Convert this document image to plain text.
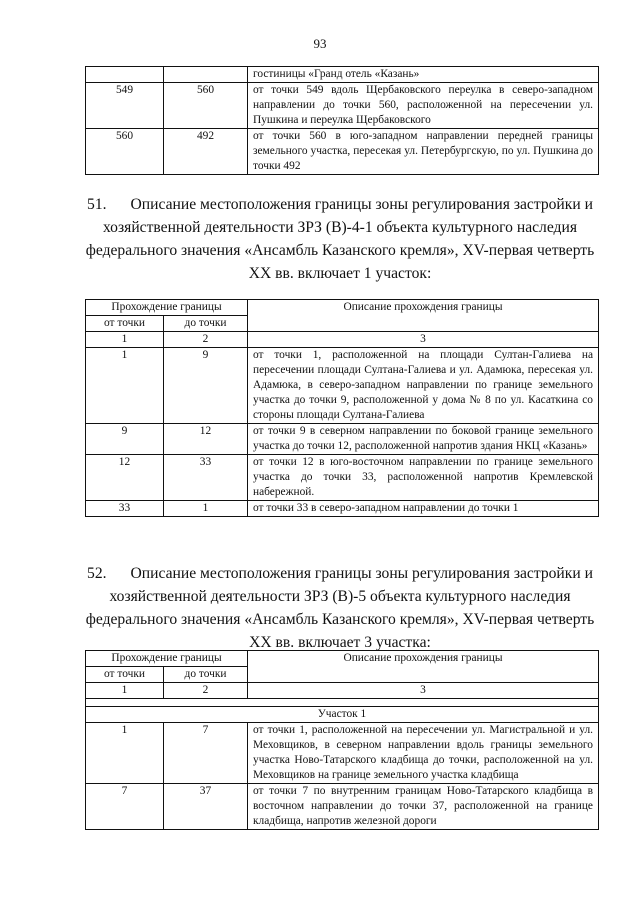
93
		гостиницы «Гранд отель «Казань»
549	560	от точки 549 вдоль Щербаковского переулка в северо-западном направлении до точки 560, расположенной на пересечении ул. Пушкина и переулка Щербаковского
560	492	от точки 560 в юго-западном направлении передней границы земельного участка, пересекая ул. Петербургскую, по ул. Пушкина до точки 492
51. Описание местоположения границы зоны регулирования застройки и хозяйственной деятельности ЗРЗ (В)-4-1 объекта культурного наследия федерального значения «Ансамбль Казанского кремля», XV-первая четверть XX вв. включает 1 участок:
Прохождение границы		Описание прохождения границы
от точки	до точки	
1	2	3
1	9	от точки 1, расположенной на площади Султан-Галиева на пересечении площади Султана-Галиева и ул. Адамюка, пересекая ул. Адамюка, в северо-западном направлении по границе земельного участка до точки 9, расположенной у дома № 8 по ул. Касаткина со стороны площади Султана-Галиева
9	12	от точки 9 в северном направлении по боковой границе земельного участка до точки 12, расположенной напротив здания НКЦ «Казань»
12	33	от точки 12 в юго-восточном направлении по границе земельного участка до точки 33, расположенной напротив Кремлевской набережной.
33	1	от точки 33 в северо-западном направлении до точки 1
52. Описание местоположения границы зоны регулирования застройки и хозяйственной деятельности ЗРЗ (В)-5 объекта культурного наследия федерального значения «Ансамбль Казанского кремля», XV-первая четверть XX вв. включает 3 участка:
Прохождение границы		Описание прохождения границы
от точки	до точки	
1	2	3

Участок 1		
1	7	от точки 1, расположенной на пересечении ул. Магистральной и ул. Меховщиков, в северном направлении вдоль границы земельного участка Ново-Татарского кладбища до точки, расположенной на ул. Меховщиков на границе земельного участка кладбища
7	37	от точки 7 по внутренним границам Ново-Татарского кладбища в восточном направлении до точки 37, расположенной на границе кладбища, напротив железной дороги
